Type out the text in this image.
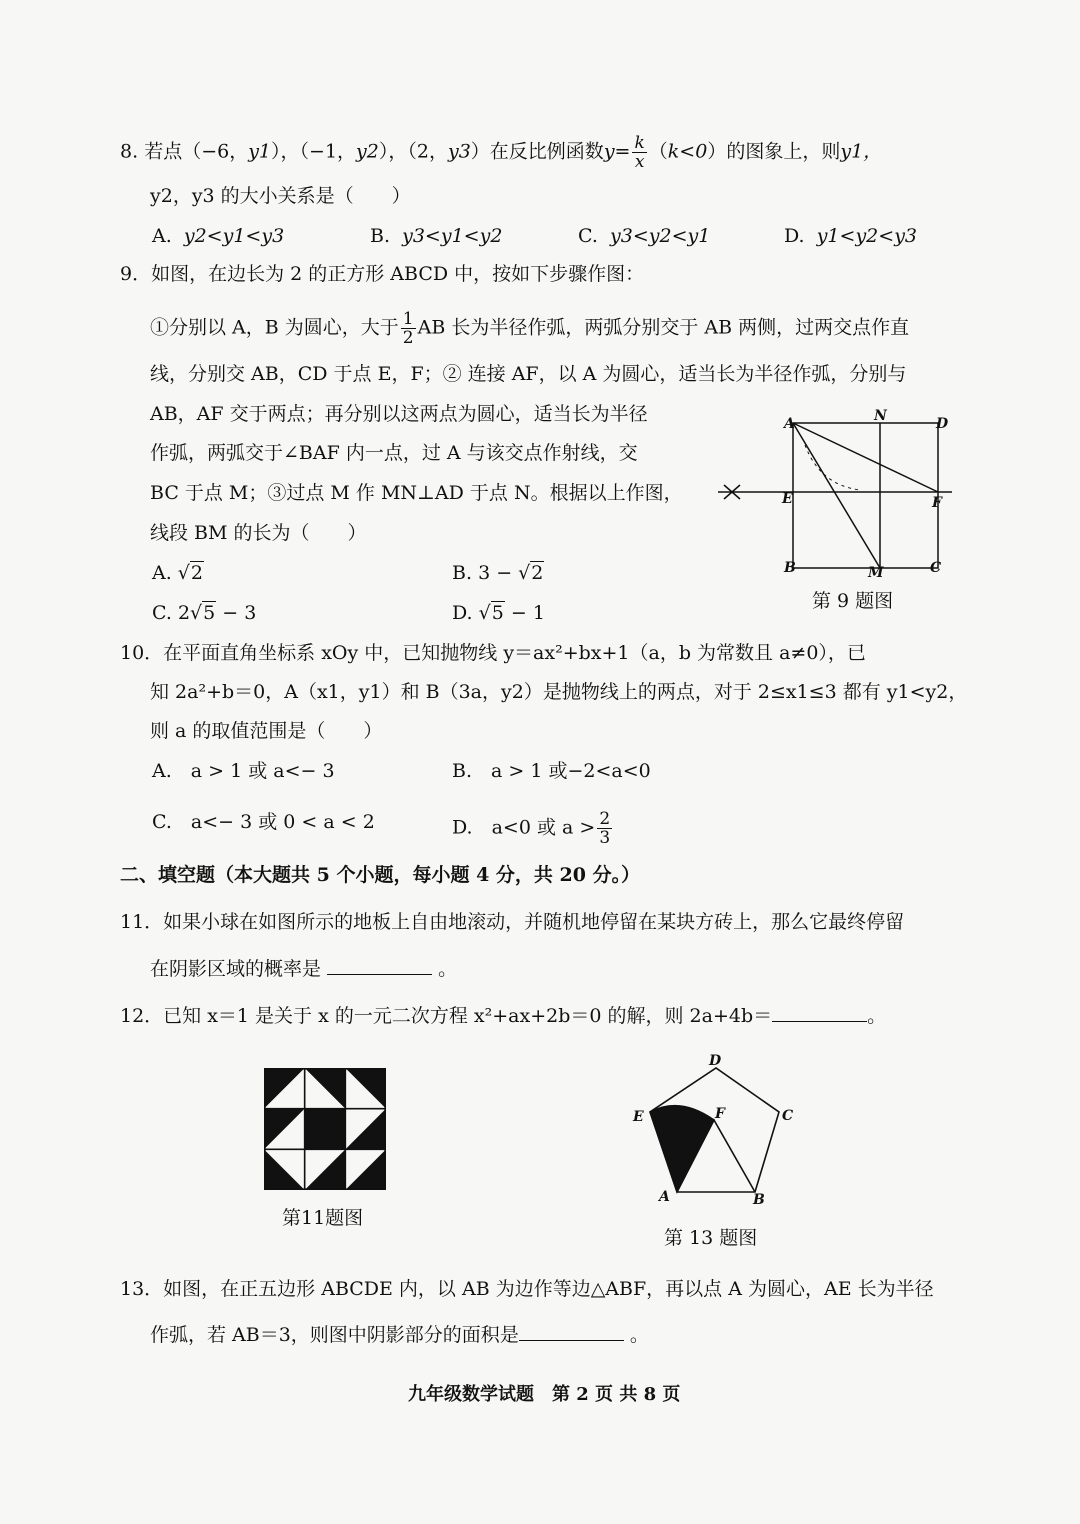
8. 若点（−6，y1），（−1，y2），（2，y3）在反比例函数$y= \frac{k}{x} (k<0)$的图象上，则y1，
y2，y3 的大小关系是（　　）
A. y2<y1<y3	B. y3<y1<y2	C. y3<y2<y1	D. y1<y2<y3
9．如图，在边长为 2 的正方形 ABCD 中，按如下步骤作图：
①分别以 A，B 为圆心，大于 $\frac{1}{2}$ AB 长为半径作弧，两弧分别交于 AB 两侧，过两交点作直
线，分别交 AB，CD 于点 E，F；② 连接 AF，以 A 为圆心，适当长为半径作弧，分别与
AB，AF 交于两点；再分别以这两点为圆心，适当长为半径
作弧，两弧交于∠BAF 内一点，过 A 与该交点作射线，交
BC 于点 M；③过点 M 作 MN⊥AD 于点 N。根据以上作图，
线段 BM 的长为（　　）
A. √2	B. 3 − √2
C. 2√5 − 3	D. √5 − 1
A	N	D
E	F
B	M	C
第 9 题图
10．在平面直角坐标系 xOy 中，已知抛物线 y＝ax²+bx+1（a，b 为常数且 a≠0），已
知 2a²+b＝0，A（x1，y1）和 B（3a，y2）是抛物线上的两点，对于 2≤x1≤3 都有 y1<y2，
则 a 的取值范围是（　　）
A.　a > 1 或 a<− 3	B.　a > 1 或−2<a<0
C.　a<− 3 或 0 < a < 2	D.　a<0 或 $a > \frac{2}{3}$
二、填空题（本大题共 5 个小题，每小题 4 分，共 20 分。）
11．如果小球在如图所示的地板上自由地滚动，并随机地停留在某块方砖上，那么它最终停留
在阴影区域的概率是	。
12．已知 x＝1 是关于 x 的一元二次方程 x²+ax+2b＝0 的解，则 2a+4b＝	。
第11题图
D
E	F	C
A	B
第 13 题图
13．如图，在正五边形 ABCDE 内，以 AB 为边作等边△ABF，再以点 A 为圆心，AE 长为半径
作弧，若 AB＝3，则图中阴影部分的面积是	。
九年级数学试题　第 2 页 共 8 页
